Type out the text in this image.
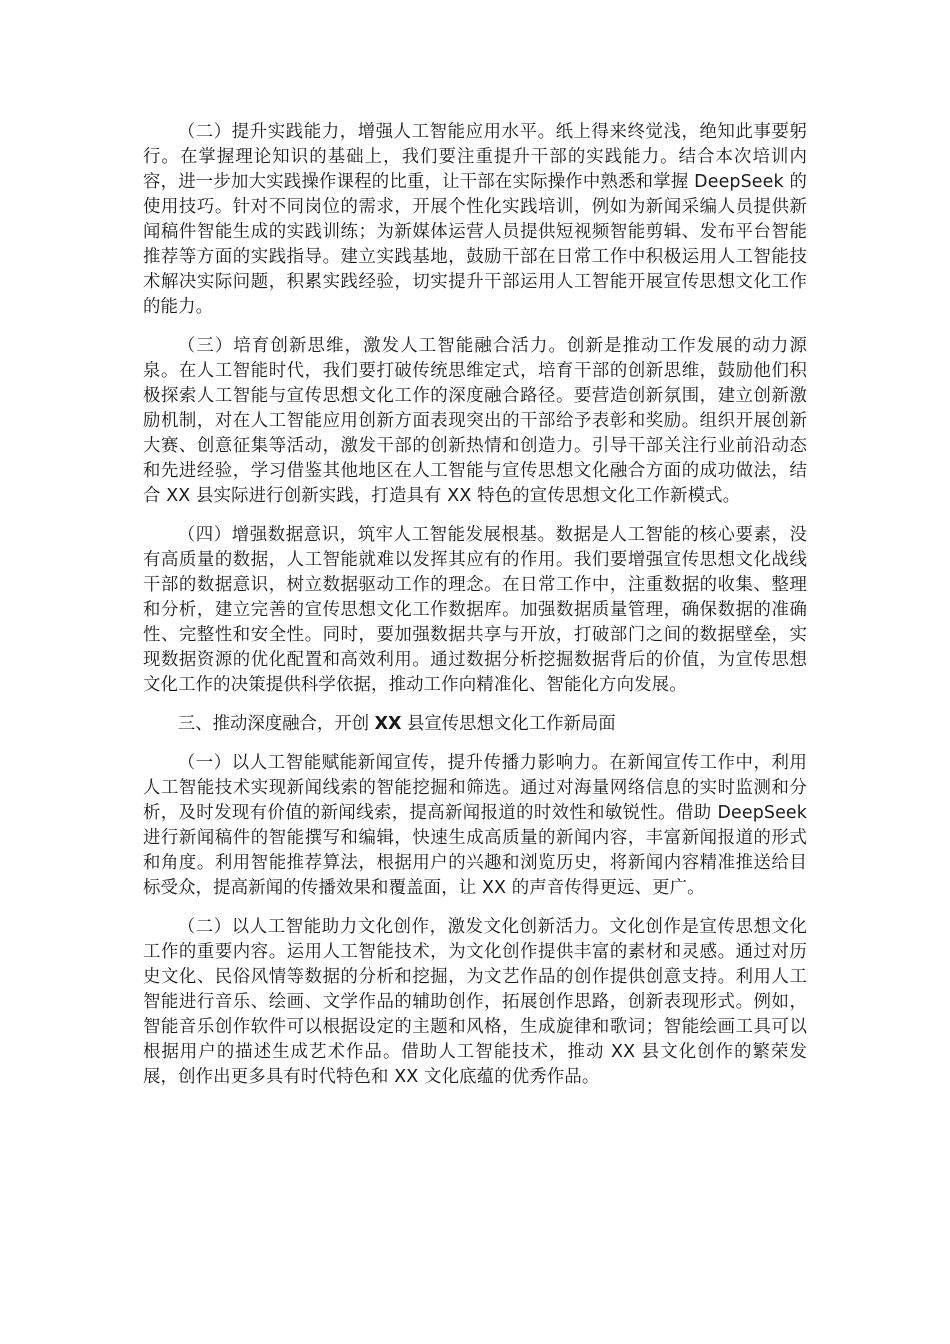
（二）提升实践能力，增强人工智能应用水平。纸上得来终觉浅，绝知此事要躬行。在掌握理论知识的基础上，我们要注重提升干部的实践能力。结合本次培训内容，进一步加大实践操作课程的比重，让干部在实际操作中熟悉和掌握 DeepSeek 的使用技巧。针对不同岗位的需求，开展个性化实践培训，例如为新闻采编人员提供新闻稿件智能生成的实践训练；为新媒体运营人员提供短视频智能剪辑、发布平台智能推荐等方面的实践指导。建立实践基地，鼓励干部在日常工作中积极运用人工智能技术解决实际问题，积累实践经验，切实提升干部运用人工智能开展宣传思想文化工作的能力。

（三）培育创新思维，激发人工智能融合活力。创新是推动工作发展的动力源泉。在人工智能时代，我们要打破传统思维定式，培育干部的创新思维，鼓励他们积极探索人工智能与宣传思想文化工作的深度融合路径。要营造创新氛围，建立创新激励机制，对在人工智能应用创新方面表现突出的干部给予表彰和奖励。组织开展创新大赛、创意征集等活动，激发干部的创新热情和创造力。引导干部关注行业前沿动态和先进经验，学习借鉴其他地区在人工智能与宣传思想文化融合方面的成功做法，结合 XX 县实际进行创新实践，打造具有 XX 特色的宣传思想文化工作新模式。

（四）增强数据意识，筑牢人工智能发展根基。数据是人工智能的核心要素，没有高质量的数据，人工智能就难以发挥其应有的作用。我们要增强宣传思想文化战线干部的数据意识，树立数据驱动工作的理念。在日常工作中，注重数据的收集、整理和分析，建立完善的宣传思想文化工作数据库。加强数据质量管理，确保数据的准确性、完整性和安全性。同时，要加强数据共享与开放，打破部门之间的数据壁垒，实现数据资源的优化配置和高效利用。通过数据分析挖掘数据背后的价值，为宣传思想文化工作的决策提供科学依据，推动工作向精准化、智能化方向发展。

三、推动深度融合，开创 XX 县宣传思想文化工作新局面

（一）以人工智能赋能新闻宣传，提升传播力影响力。在新闻宣传工作中，利用人工智能技术实现新闻线索的智能挖掘和筛选。通过对海量网络信息的实时监测和分析，及时发现有价值的新闻线索，提高新闻报道的时效性和敏锐性。借助 DeepSeek 进行新闻稿件的智能撰写和编辑，快速生成高质量的新闻内容，丰富新闻报道的形式和角度。利用智能推荐算法，根据用户的兴趣和浏览历史，将新闻内容精准推送给目标受众，提高新闻的传播效果和覆盖面，让 XX 的声音传得更远、更广。

（二）以人工智能助力文化创作，激发文化创新活力。文化创作是宣传思想文化工作的重要内容。运用人工智能技术，为文化创作提供丰富的素材和灵感。通过对历史文化、民俗风情等数据的分析和挖掘，为文艺作品的创作提供创意支持。利用人工智能进行音乐、绘画、文学作品的辅助创作，拓展创作思路，创新表现形式。例如，智能音乐创作软件可以根据设定的主题和风格，生成旋律和歌词；智能绘画工具可以根据用户的描述生成艺术作品。借助人工智能技术，推动 XX 县文化创作的繁荣发展，创作出更多具有时代特色和 XX 文化底蕴的优秀作品。
